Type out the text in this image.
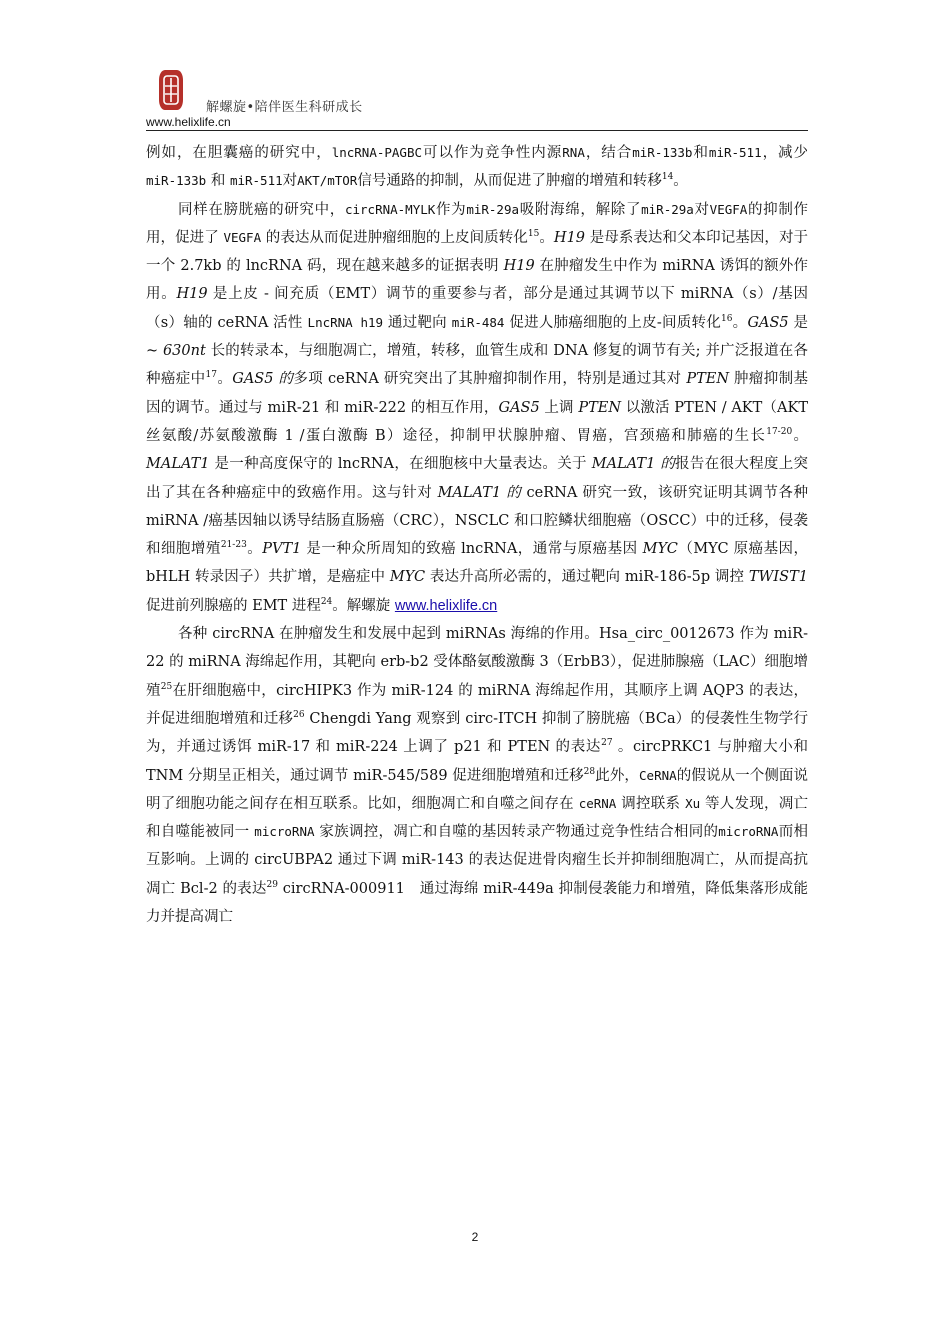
解螺旋•陪伴医生科研成长
www.helixlife.cn

例如，在胆囊癌的研究中，lncRNA-PAGBC可以作为竞争性内源RNA，结合miR-133b和miR-511，减少 miR-133b 和 miR-511对AKT/mTOR信号通路的抑制，从而促进了肿瘤的增殖和转移$^{14}$。

同样在膀胱癌的研究中，circRNA-MYLK作为miR-29a吸附海绵，解除了miR-29a对VEGFA的抑制作用，促进了 VEGFA 的表达从而促进肿瘤细胞的上皮间质转化$^{15}$。H19 是母系表达和父本印记基因，对于一个 2.7kb 的 lncRNA 码，现在越来越多的证据表明 H19 在肿瘤发生中作为 miRNA 诱饵的额外作用。H19 是上皮 - 间充质（EMT）调节的重要参与者，部分是通过其调节以下 miRNA（s）/基因（s）轴的 ceRNA 活性 LncRNA h19 通过靶向 miR-484 促进人肺癌细胞的上皮-间质转化$^{16}$。GAS5 是~ 630nt 长的转录本，与细胞凋亡，增殖，转移，血管生成和 DNA 修复的调节有关; 并广泛报道在各种癌症中$^{17}$。GAS5 的多项 ceRNA 研究突出了其肿瘤抑制作用，特别是通过其对 PTEN 肿瘤抑制基因的调节。通过与 miR-21 和 miR-222 的相互作用，GAS5 上调 PTEN 以激活 PTEN / AKT（AKT 丝氨酸/苏氨酸激酶 1 /蛋白激酶 B）途径，抑制甲状腺肿瘤、胃癌，宫颈癌和肺癌的生长$^{17-20}$。MALAT1 是一种高度保守的 lncRNA，在细胞核中大量表达。关于 MALAT1 的报告在很大程度上突出了其在各种癌症中的致癌作用。这与针对 MALAT1 的 ceRNA 研究一致，该研究证明其调节各种 miRNA /癌基因轴以诱导结肠直肠癌（CRC），NSCLC 和口腔鳞状细胞癌（OSCC）中的迁移，侵袭和细胞增殖$^{21-23}$。PVT1 是一种众所周知的致癌 lncRNA，通常与原癌基因 MYC（MYC 原癌基因，bHLH 转录因子）共扩增，是癌症中 MYC 表达升高所必需的，通过靶向 miR-186-5p 调控 TWIST1 促进前列腺癌的 EMT 进程$^{24}$。解螺旋 www.helixlife.cn

各种 circRNA 在肿瘤发生和发展中起到 miRNAs 海绵的作用。Hsa_circ_0012673 作为 miR-22 的 miRNA 海绵起作用，其靶向 erb-b2 受体酪氨酸激酶 3（ErbB3），促进肺腺癌（LAC）细胞增殖$^{25}$在肝细胞癌中，circHIPK3 作为 miR-124 的 miRNA 海绵起作用，其顺序上调 AQP3 的表达，并促进细胞增殖和迁移$^{26}$ Chengdi Yang 观察到 circ-ITCH 抑制了膀胱癌（BCa）的侵袭性生物学行为，并通过诱饵 miR-17 和 miR-224 上调了 p21 和 PTEN 的表达$^{27}$ 。circPRKC1 与肿瘤大小和 TNM 分期呈正相关，通过调节 miR-545/589 促进细胞增殖和迁移$^{28}$此外，CeRNA的假说从一个侧面说明了细胞功能之间存在相互联系。比如，细胞凋亡和自噬之间存在 ceRNA 调控联系 Xu 等人发现，凋亡和自噬能被同一 microRNA 家族调控，凋亡和自噬的基因转录产物通过竞争性结合相同的microRNA而相互影响。上调的 circUBPA2 通过下调 miR-143 的表达促进骨肉瘤生长并抑制细胞凋亡，从而提高抗凋亡 Bcl-2 的表达$^{29}$ circRNA-000911　通过海绵 miR-449a 抑制侵袭能力和增殖，降低集落形成能力并提高凋亡

2
